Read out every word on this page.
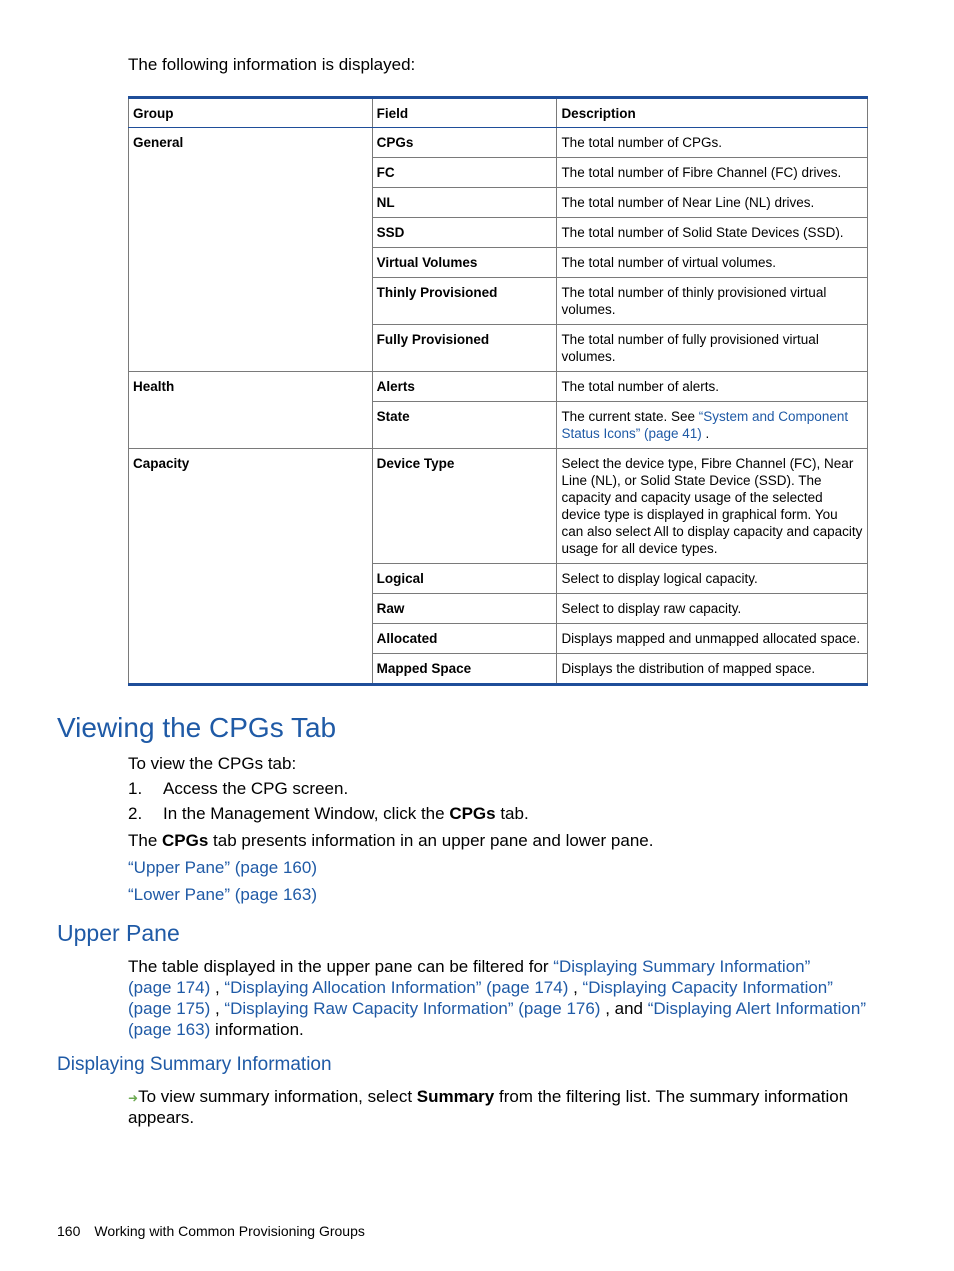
The following information is displayed:
Group	Field	Description
General	CPGs	The total number of CPGs.
	FC	The total number of Fibre Channel (FC) drives.
	NL	The total number of Near Line (NL) drives.
	SSD	The total number of Solid State Devices (SSD).
	Virtual Volumes	The total number of virtual volumes.
	Thinly Provisioned	The total number of thinly provisioned virtual volumes.
	Fully Provisioned	The total number of fully provisioned virtual volumes.
Health	Alerts	The total number of alerts.
	State	The current state. See “System and Component Status Icons” (page 41) .
Capacity	Device Type	Select the device type, Fibre Channel (FC), Near Line (NL), or Solid State Device (SSD). The capacity and capacity usage of the selected device type is displayed in graphical form. You can also select All to display capacity and capacity usage for all device types.
	Logical	Select to display logical capacity.
	Raw	Select to display raw capacity.
	Allocated	Displays mapped and unmapped allocated space.
	Mapped Space	Displays the distribution of mapped space.
Viewing the CPGs Tab
To view the CPGs tab:
1. Access the CPG screen.
2. In the Management Window, click the CPGs tab.
The CPGs tab presents information in an upper pane and lower pane.
“Upper Pane” (page 160)
“Lower Pane” (page 163)
Upper Pane
The table displayed in the upper pane can be filtered for “Displaying Summary Information”
(page 174) , “Displaying Allocation Information” (page 174) , “Displaying Capacity Information”
(page 175) , “Displaying Raw Capacity Information” (page 176) , and “Displaying Alert Information”
(page 163) information.
Displaying Summary Information
➜To view summary information, select Summary from the filtering list. The summary information
appears.
160 Working with Common Provisioning Groups
